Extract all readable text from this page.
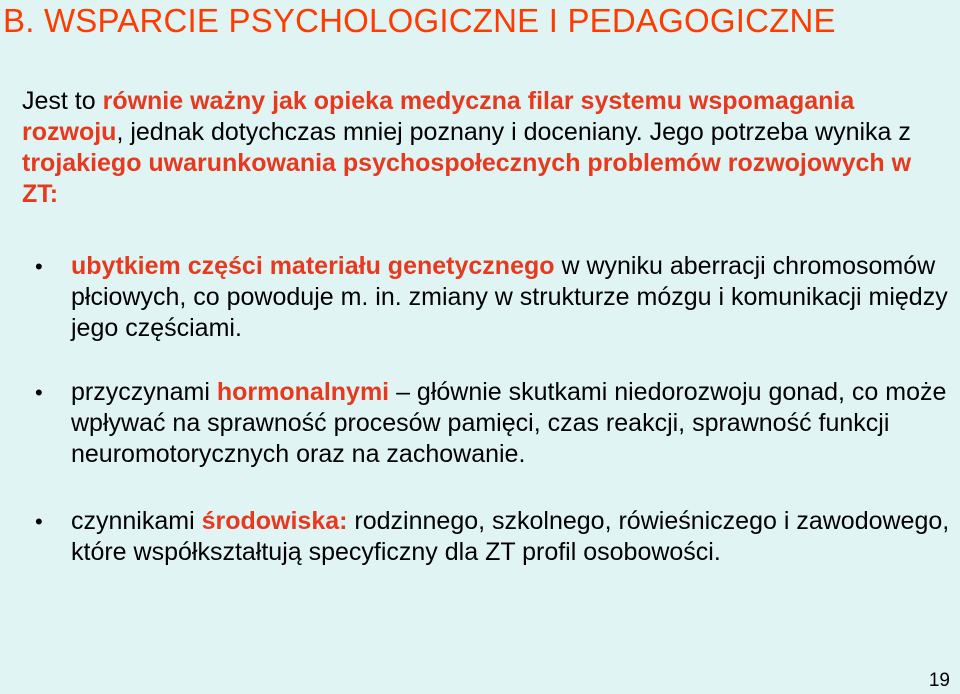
B. WSPARCIE PSYCHOLOGICZNE I PEDAGOGICZNE
Jest to równie ważny jak opieka medyczna filar systemu wspomagania rozwoju, jednak dotychczas mniej poznany i doceniany. Jego potrzeba wynika z trojakiego uwarunkowania psychospołecznych problemów rozwojowych w ZT:
• ubytkiem części materiału genetycznego w wyniku aberracji chromosomów płciowych, co powoduje m. in. zmiany w strukturze mózgu i komunikacji między jego częściami.
• przyczynami hormonalnymi – głównie skutkami niedorozwoju gonad, co może wpływać na sprawność procesów pamięci, czas reakcji, sprawność funkcji neuromotorycznych oraz na zachowanie.
• czynnikami środowiska: rodzinnego, szkolnego, rówieśniczego i zawodowego, które współkształtują specyficzny dla ZT profil osobowości.
19
